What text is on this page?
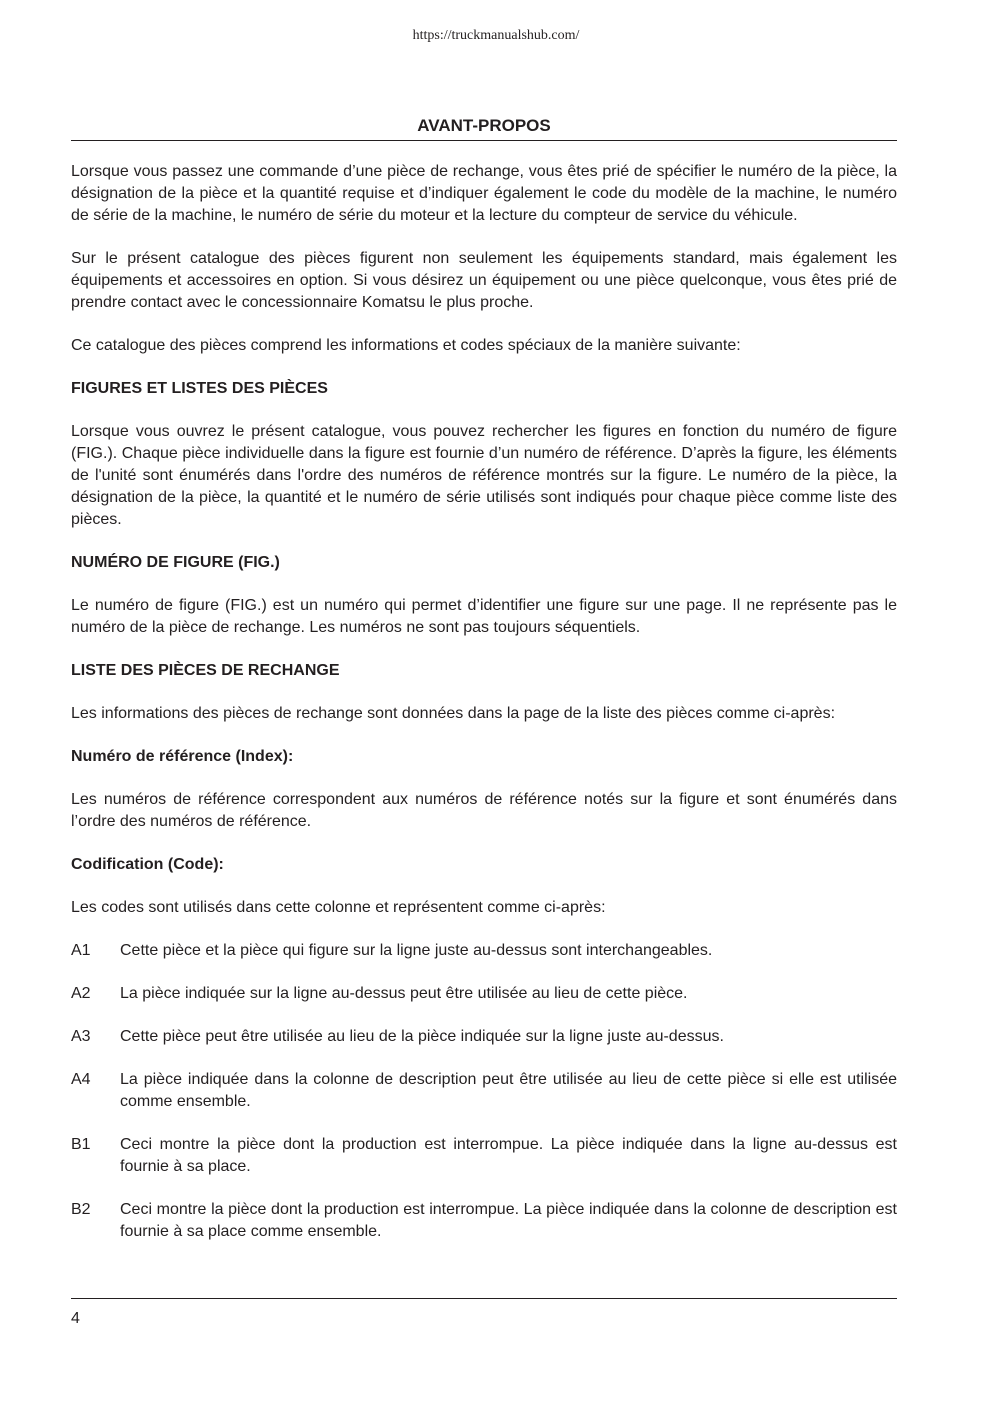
https://truckmanualshub.com/
AVANT-PROPOS

Lorsque vous passez une commande d’une pièce de rechange, vous êtes prié de spécifier le numéro de la pièce, la désignation de la pièce et la quantité requise et d’indiquer également le code du modèle de la machine, le numéro de série de la machine, le numéro de série du moteur et la lecture du compteur de service du véhicule.

Sur le présent catalogue des pièces figurent non seulement les équipements standard, mais également les équipements et accessoires en option. Si vous désirez un équipement ou une pièce quelconque, vous êtes prié de prendre contact avec le concessionnaire Komatsu le plus proche.

Ce catalogue des pièces comprend les informations et codes spéciaux de la manière suivante:

FIGURES ET LISTES DES PIÈCES

Lorsque vous ouvrez le présent catalogue, vous pouvez rechercher les figures en fonction du numéro de figure (FIG.). Chaque pièce individuelle dans la figure est fournie d’un numéro de référence. D’après la figure, les éléments de l'unité sont énumérés dans l'ordre des numéros de référence montrés sur la figure. Le numéro de la pièce, la désignation de la pièce, la quantité et le numéro de série utilisés sont indiqués pour chaque pièce comme liste des pièces.

NUMÉRO DE FIGURE (FIG.)

Le numéro de figure (FIG.) est un numéro qui permet d’identifier une figure sur une page. Il ne représente pas le numéro de la pièce de rechange. Les numéros ne sont pas toujours séquentiels.

LISTE DES PIÈCES DE RECHANGE

Les informations des pièces de rechange sont données dans la page de la liste des pièces comme ci-après:

Numéro de référence (Index):

Les numéros de référence correspondent aux numéros de référence notés sur la figure et sont énumérés dans l’ordre des numéros de référence.

Codification (Code):

Les codes sont utilisés dans cette colonne et représentent comme ci-après:

A1	Cette pièce et la pièce qui figure sur la ligne juste au-dessus sont interchangeables.
A2	La pièce indiquée sur la ligne au-dessus peut être utilisée au lieu de cette pièce.
A3	Cette pièce peut être utilisée au lieu de la pièce indiquée sur la ligne juste au-dessus.
A4	La pièce indiquée dans la colonne de description peut être utilisée au lieu de cette pièce si elle est utilisée comme ensemble.
B1	Ceci montre la pièce dont la production est interrompue. La pièce indiquée dans la ligne au-dessus est fournie à sa place.
B2	Ceci montre la pièce dont la production est interrompue. La pièce indiquée dans la colonne de description est fournie à sa place comme ensemble.
4
